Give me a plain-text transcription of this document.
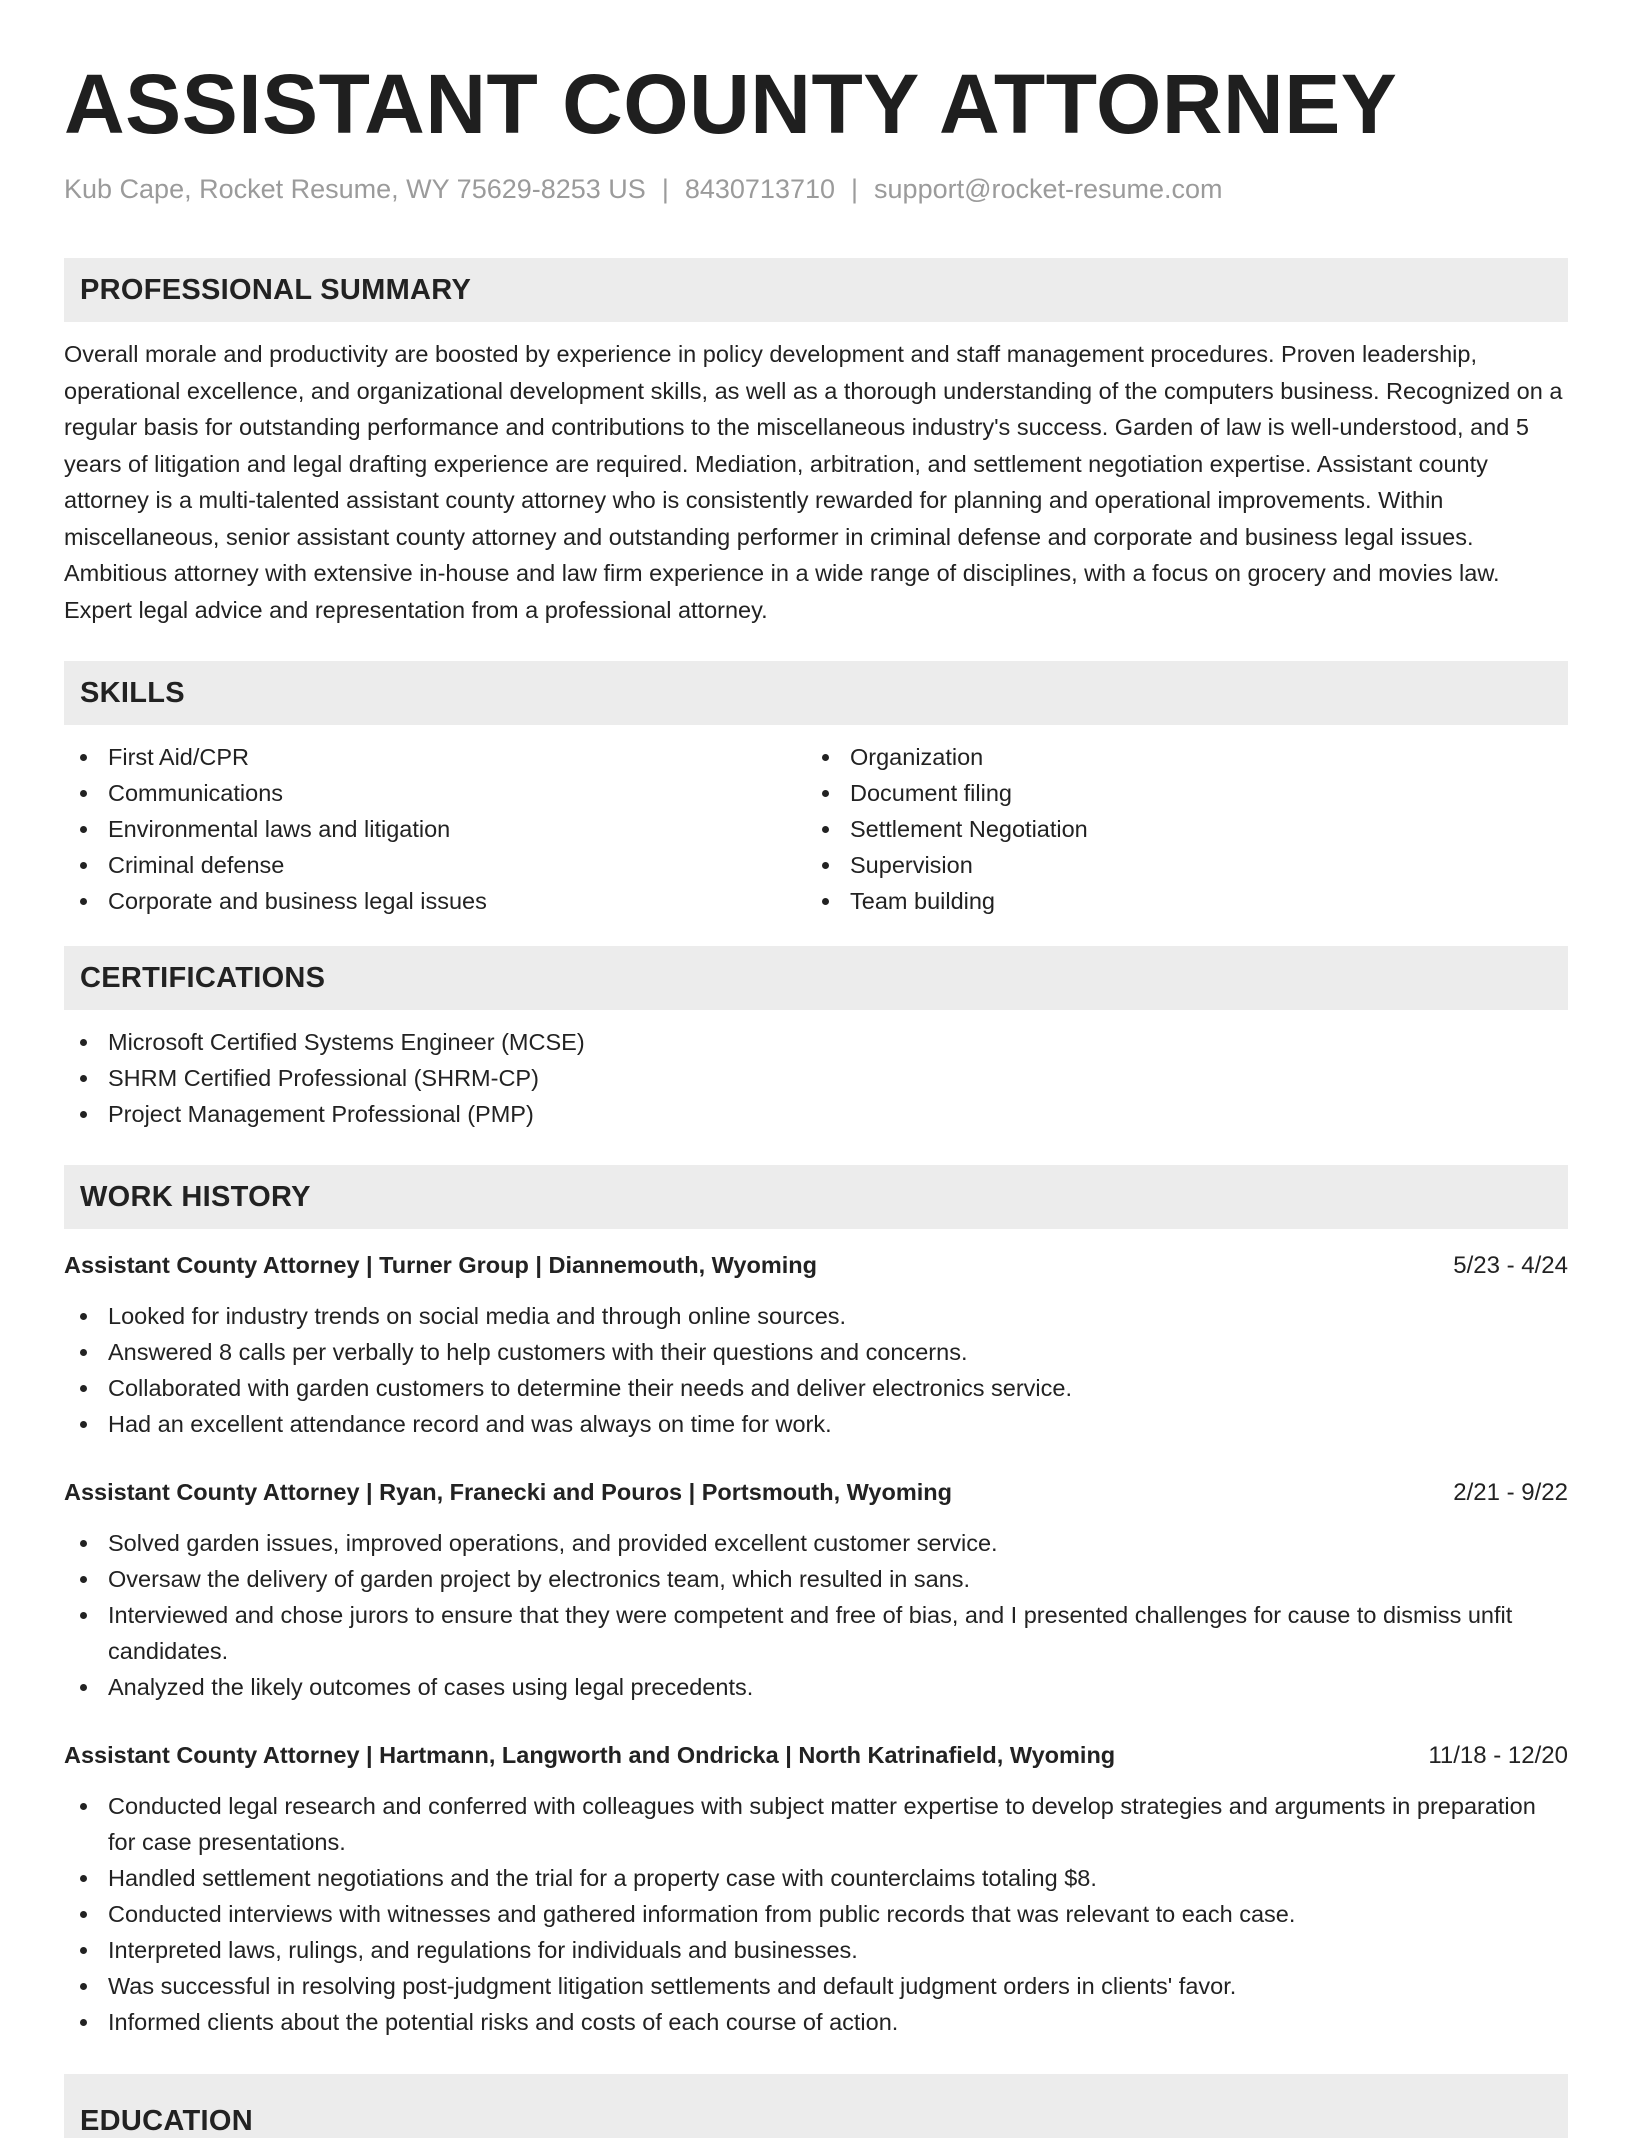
ASSISTANT COUNTY ATTORNEY
Kub Cape, Rocket Resume, WY 75629-8253 US | 8430713710 | support@rocket-resume.com
PROFESSIONAL SUMMARY

Overall morale and productivity are boosted by experience in policy development and staff management procedures. Proven leadership, operational excellence, and organizational development skills, as well as a thorough understanding of the computers business. Recognized on a regular basis for outstanding performance and contributions to the miscellaneous industry's success. Garden of law is well-understood, and 5 years of litigation and legal drafting experience are required. Mediation, arbitration, and settlement negotiation expertise. Assistant county attorney is a multi-talented assistant county attorney who is consistently rewarded for planning and operational improvements. Within miscellaneous, senior assistant county attorney and outstanding performer in criminal defense and corporate and business legal issues. Ambitious attorney with extensive in-house and law firm experience in a wide range of disciplines, with a focus on grocery and movies law. Expert legal advice and representation from a professional attorney.

SKILLS
First Aid/CPR
Communications
Environmental laws and litigation
Criminal defense
Corporate and business legal issues
Organization
Document filing
Settlement Negotiation
Supervision
Team building
CERTIFICATIONS
Microsoft Certified Systems Engineer (MCSE)
SHRM Certified Professional (SHRM-CP)
Project Management Professional (PMP)
WORK HISTORY
Assistant County Attorney | Turner Group | Diannemouth, Wyoming	5/23 - 4/24
Looked for industry trends on social media and through online sources.
Answered 8 calls per verbally to help customers with their questions and concerns.
Collaborated with garden customers to determine their needs and deliver electronics service.
Had an excellent attendance record and was always on time for work.
Assistant County Attorney | Ryan, Franecki and Pouros | Portsmouth, Wyoming	2/21 - 9/22
Solved garden issues, improved operations, and provided excellent customer service.
Oversaw the delivery of garden project by electronics team, which resulted in sans.
Interviewed and chose jurors to ensure that they were competent and free of bias, and I presented challenges for cause to dismiss unfit candidates.
Analyzed the likely outcomes of cases using legal precedents.
Assistant County Attorney | Hartmann, Langworth and Ondricka | North Katrinafield, Wyoming	11/18 - 12/20
Conducted legal research and conferred with colleagues with subject matter expertise to develop strategies and arguments in preparation for case presentations.
Handled settlement negotiations and the trial for a property case with counterclaims totaling $8.
Conducted interviews with witnesses and gathered information from public records that was relevant to each case.
Interpreted laws, rulings, and regulations for individuals and businesses.
Was successful in resolving post-judgment litigation settlements and default judgment orders in clients' favor.
Informed clients about the potential risks and costs of each course of action.
EDUCATION
